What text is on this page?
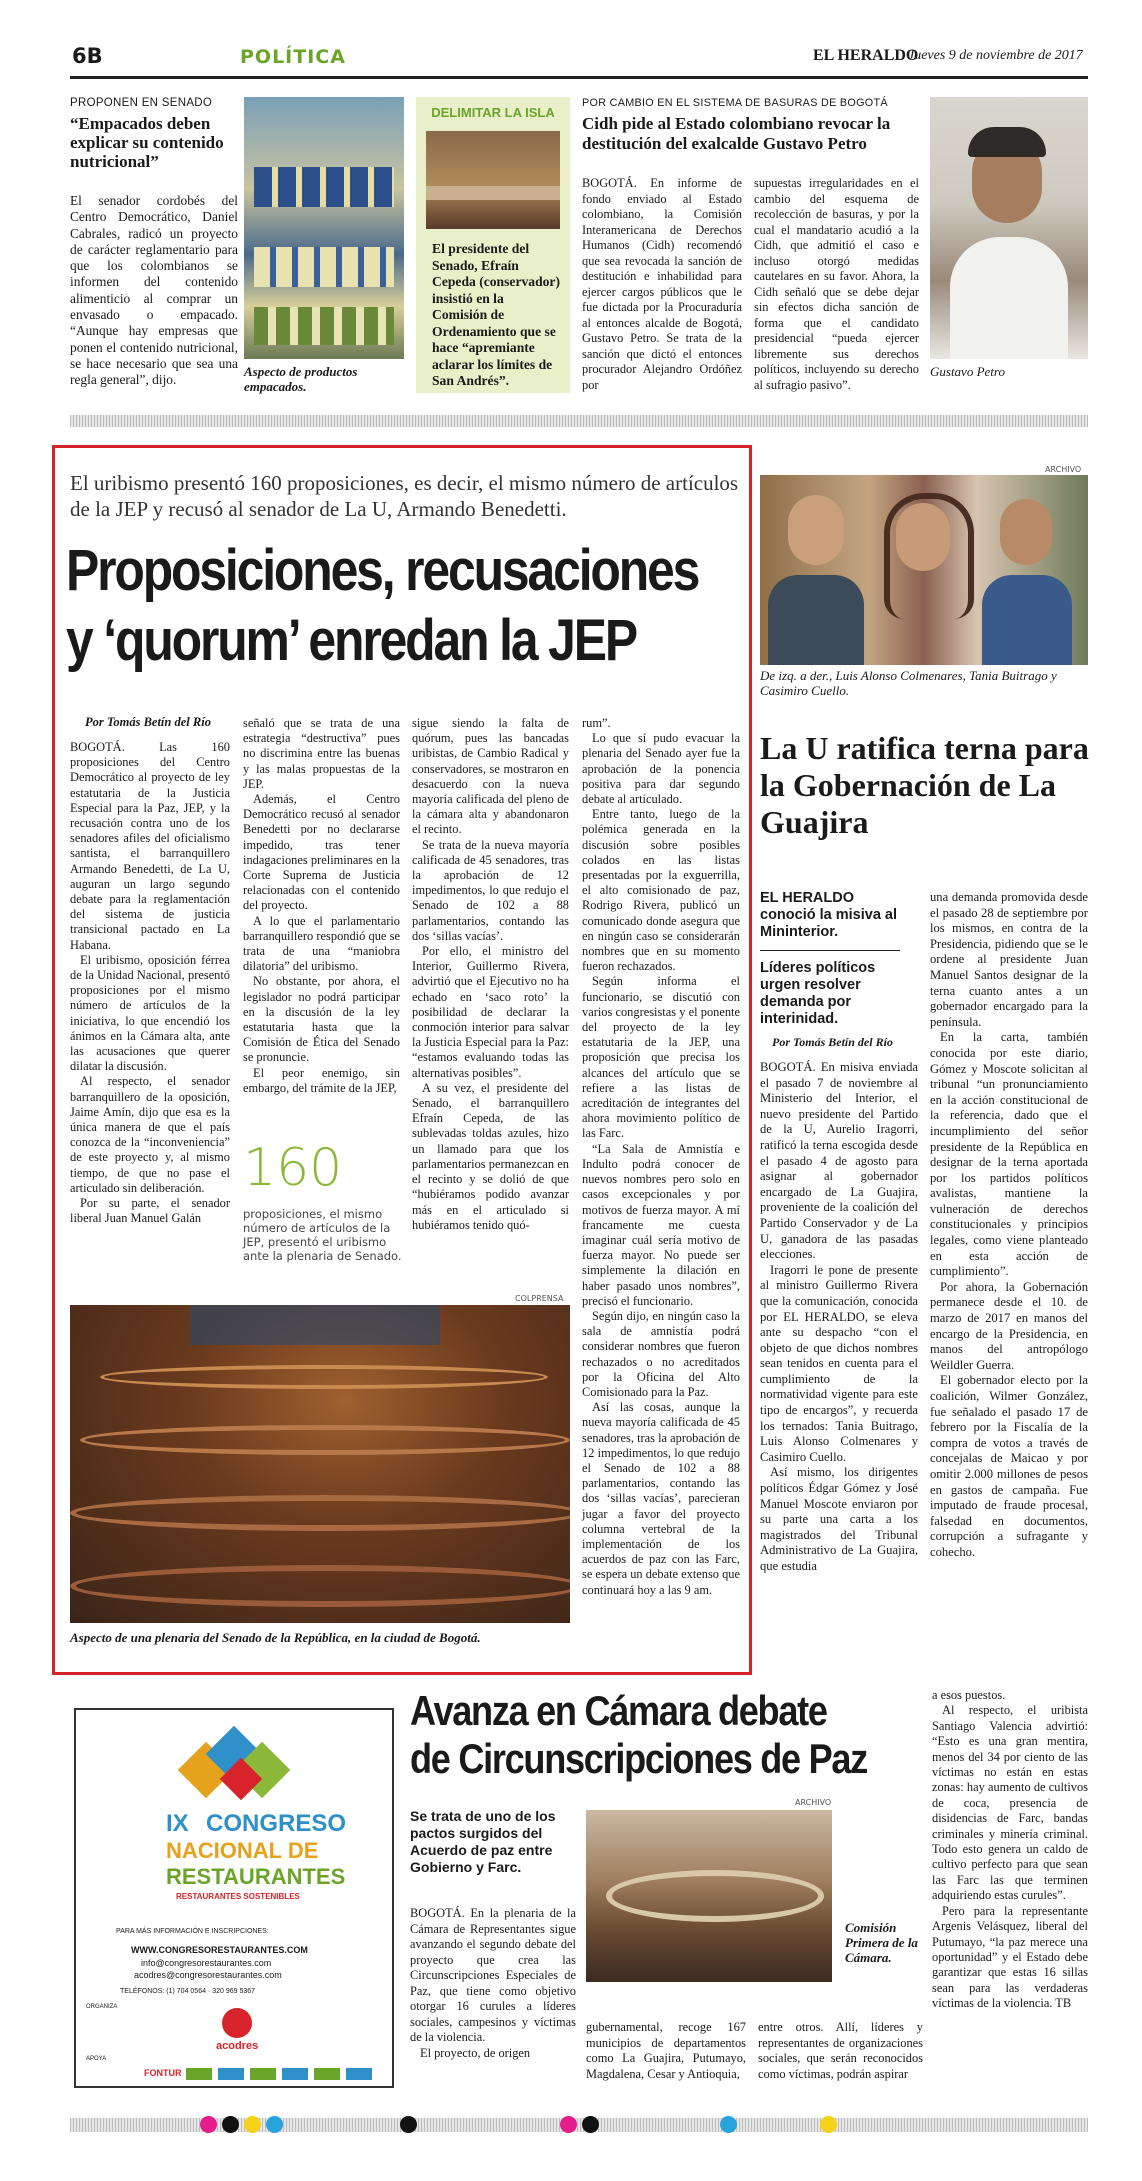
6B	POLÍTICA	EL HERALDO
Jueves 9 de noviembre de 2017
PROPONEN EN SENADO
“Empacados deben explicar su contenido nutricional”
El senador cordobés del Centro Democrático, Daniel Cabrales, radicó un proyecto de carácter reglamentario para que los colombianos se informen del contenido alimenticio al comprar un envasado o empacado. “Aunque hay empresas que ponen el contenido nutricional, se hace necesario que sea una regla general”, dijo.
Aspecto de productos empacados.
DELIMITAR LA ISLA
El presidente del Senado, Efraín Cepeda (conservador) insistió en la Comisión de Ordenamiento que se hace “apremiante aclarar los límites de San Andrés”.
POR CAMBIO EN EL SISTEMA DE BASURAS DE BOGOTÁ
Cidh pide al Estado colombiano revocar la destitución del exalcalde Gustavo Petro
BOGOTÁ. En informe de fondo enviado al Estado colombiano, la Comisión Interamericana de Derechos Humanos (Cidh) recomendó que sea revocada la sanción de destitución e inhabilidad para ejercer cargos públicos que le fue dictada por la Procuraduría al entonces alcalde de Bogotá, Gustavo Petro. Se trata de la sanción que dictó el entonces procurador Alejandro Ordóñez por
supuestas irregularidades en el cambio del esquema de recolección de basuras, y por la cual el mandatario acudió a la Cidh, que admitió el caso e incluso otorgó medidas cautelares en su favor. Ahora, la Cidh señaló que se debe dejar sin efectos dicha sanción de forma que el candidato presidencial “pueda ejercer libremente sus derechos políticos, incluyendo su derecho al sufragio pasivo”.
Gustavo Petro
El uribismo presentó 160 proposiciones, es decir, el mismo número de artículos de la JEP y recusó al senador de La U, Armando Benedetti.
Proposiciones, recusaciones
y ‘quorum’ enredan la JEP
Por Tomás Betín del Río

BOGOTÁ. Las 160 proposiciones del Centro Democrático al proyecto de ley estatutaria de la Justicia Especial para la Paz, JEP, y la recusación contra uno de los senadores afiles del oficialismo santista, el barranquillero Armando Benedetti, de La U, auguran un largo segundo debate para la reglamentación del sistema de justicia transicional pactado en La Habana.

El uribismo, oposición férrea de la Unidad Nacional, presentó proposiciones por el mismo número de artículos de la iniciativa, lo que encendió los ánimos en la Cámara alta, ante las acusaciones que querer dilatar la discusión.

Al respecto, el senador barranquillero de la oposición, Jaime Amín, dijo que esa es la única manera de que el país conozca de la “inconveniencia” de este proyecto y, al mismo tiempo, de que no pase el articulado sin deliberación.

Por su parte, el senador liberal Juan Manuel Galán

señaló que se trata de una estrategia “destructiva” pues no discrimina entre las buenas y las malas propuestas de la JEP.

Además, el Centro Democrático recusó al senador Benedetti por no declararse impedido, tras tener indagaciones preliminares en la Corte Suprema de Justicia relacionadas con el contenido del proyecto.

A lo que el parlamentario barranquillero respondió que se trata de una “maniobra dilatoria” del uribismo.

No obstante, por ahora, el legislador no podrá participar en la discusión de la ley estatutaria hasta que la Comisión de Ética del Senado se pronuncie.

El peor enemigo, sin embargo, del trámite de la JEP,

160
proposiciones, el mismo número de artículos de la JEP, presentó el uribismo ante la plenaria de Senado.

sigue siendo la falta de quórum, pues las bancadas uribistas, de Cambio Radical y conservadores, se mostraron en desacuerdo con la nueva mayoría calificada del pleno de la cámara alta y abandonaron el recinto.

Se trata de la nueva mayoría calificada de 45 senadores, tras la aprobación de 12 impedimentos, lo que redujo el Senado de 102 a 88 parlamentarios, contando las dos ‘sillas vacías’.

Por ello, el ministro del Interior, Guillermo Rivera, advirtió que el Ejecutivo no ha echado en ‘saco roto’ la posibilidad de declarar la conmoción interior para salvar la Justicia Especial para la Paz: “estamos evaluando todas las alternativas posibles”.

A su vez, el presidente del Senado, el barranquillero Efraín Cepeda, de las sublevadas toldas azules, hizo un llamado para que los parlamentarios permanezcan en el recinto y se dolió de que “hubiéramos podido avanzar más en el articulado si hubiéramos tenido quó-

rum”.

Lo que sí pudo evacuar la plenaria del Senado ayer fue la aprobación de la ponencia positiva para dar segundo debate al articulado.

Entre tanto, luego de la polémica generada en la discusión sobre posibles colados en las listas presentadas por la exguerrilla, el alto comisionado de paz, Rodrigo Rivera, publicó un comunicado donde asegura que en ningún caso se considerarán nombres que en su momento fueron rechazados.

Según informa el funcionario, se discutió con varios congresistas y el ponente del proyecto de la ley estatutaria de la JEP, una proposición que precisa los alcances del artículo que se refiere a las listas de acreditación de integrantes del ahora movimiento político de las Farc.

“La Sala de Amnistía e Indulto podrá conocer de nuevos nombres pero solo en casos excepcionales y por motivos de fuerza mayor. A mí francamente me cuesta imaginar cuál sería motivo de fuerza mayor. No puede ser simplemente la dilación en haber pasado unos nombres”, precisó el funcionario.

Según dijo, en ningún caso la sala de amnistía podrá considerar nombres que fueron rechazados o no acreditados por la Oficina del Alto Comisionado para la Paz.

Así las cosas, aunque la nueva mayoría calificada de 45 senadores, tras la aprobación de 12 impedimentos, lo que redujo el Senado de 102 a 88 parlamentarios, contando las dos ‘sillas vacías’, parecieran jugar a favor del proyecto columna vertebral de la implementación de los acuerdos de paz con las Farc, se espera un debate extenso que continuará hoy a las 9 am.

COLPRENSA
Aspecto de una plenaria del Senado de la República, en la ciudad de Bogotá.
ARCHIVO
De izq. a der., Luis Alonso Colmenares, Tania Buitrago y Casimiro Cuello.
La U ratifica terna para la Gobernación de La Guajira
EL HERALDO conoció la misiva al Mininterior.
Líderes políticos urgen resolver demanda por interinidad.
Por Tomás Betín del Río

BOGOTÁ. En misiva enviada el pasado 7 de noviembre al Ministerio del Interior, el nuevo presidente del Partido de la U, Aurelio Iragorri, ratificó la terna escogida desde el pasado 4 de agosto para asignar al gobernador encargado de La Guajira, proveniente de la coalición del Partido Conservador y de La U, ganadora de las pasadas elecciones.

Iragorri le pone de presente al ministro Guillermo Rivera que la comunicación, conocida por EL HERALDO, se eleva ante su despacho “con el objeto de que dichos nombres sean tenidos en cuenta para el cumplimiento de la normatividad vigente para este tipo de encargos”, y recuerda los ternados: Tania Buitrago, Luis Alonso Colmenares y Casimiro Cuello.

Así mismo, los dirigentes políticos Édgar Gómez y José Manuel Moscote enviaron por su parte una carta a los magistrados del Tribunal Administrativo de La Guajira, que estudia

una demanda promovida desde el pasado 28 de septiembre por los mismos, en contra de la Presidencia, pidiendo que se le ordene al presidente Juan Manuel Santos designar de la terna cuanto antes a un gobernador encargado para la península.

En la carta, también conocida por este diario, Gómez y Moscote solicitan al tribunal “un pronunciamiento en la acción constitucional de la referencia, dado que el incumplimiento del señor presidente de la República en designar de la terna aportada por los partidos políticos avalistas, mantiene la vulneración de derechos constitucionales y principios legales, como viene planteado en esta acción de cumplimiento”.

Por ahora, la Gobernación permanece desde el 10. de marzo de 2017 en manos del encargo de la Presidencia, en manos del antropólogo Weildler Guerra.

El gobernador electo por la coalición, Wilmer González, fue señalado el pasado 17 de febrero por la Fiscalía de la compra de votos a través de concejalas de Maicao y por omitir 2.000 millones de pesos en gastos de campaña. Fue imputado de fraude procesal, falsedad en documentos, corrupción a sufragante y cohecho.

IX CONGRESO
NACIONAL DE
RESTAURANTES
RESTAURANTES SOSTENIBLES
PARA MÁS INFORMACIÓN E INSCRIPCIONES:
WWW.CONGRESORESTAURANTES.COM
info@congresorestaurantes.com
acodres@congresorestaurantes.com
TELÉFONOS: (1) 704 0564 · 320 969 5367
ORGANIZA
acodres
APOYA
FONTUR
Avanza en Cámara debate
de Circunscripciones de Paz
Se trata de uno de los pactos surgidos del Acuerdo de paz entre Gobierno y Farc.
ARCHIVO
Comisión Primera de la Cámara.

BOGOTÁ. En la plenaria de la Cámara de Representantes sigue avanzando el segundo debate del proyecto que crea las Circunscripciones Especiales de Paz, que tiene como objetivo otorgar 16 curules a líderes sociales, campesinos y víctimas de la violencia.

El proyecto, de origen

gubernamental, recoge 167 municipios de departamentos como La Guajira, Putumayo, Magdalena, Cesar y Antioquia,
entre otros. Allí, líderes y representantes de organizaciones sociales, que serán reconocidos como víctimas, podrán aspirar

a esos puestos.

Al respecto, el uribista Santiago Valencia advirtió: “Esto es una gran mentira, menos del 34 por ciento de las víctimas no están en estas zonas: hay aumento de cultivos de coca, presencia de disidencias de Farc, bandas criminales y minería criminal. Todo esto genera un caldo de cultivo perfecto para que sean las Farc las que terminen adquiriendo estas curules”.

Pero para la representante Argenis Velásquez, liberal del Putumayo, “la paz merece una oportunidad” y el Estado debe garantizar que estas 16 sillas sean para las verdaderas víctimas de la violencia. TB
